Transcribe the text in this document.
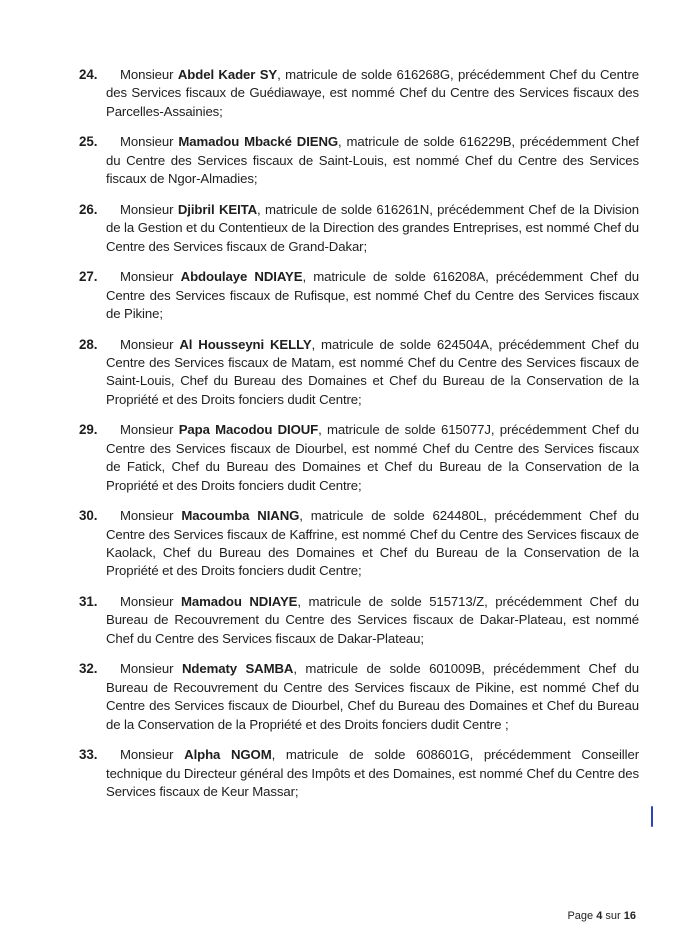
24. Monsieur Abdel Kader SY, matricule de solde 616268G, précédemment Chef du Centre des Services fiscaux de Guédiawaye, est nommé Chef du Centre des Services fiscaux des Parcelles-Assainies;
25. Monsieur Mamadou Mbacké DIENG, matricule de solde 616229B, précédemment Chef du Centre des Services fiscaux de Saint-Louis, est nommé Chef du Centre des Services fiscaux de Ngor-Almadies;
26. Monsieur Djibril KEITA, matricule de solde 616261N, précédemment Chef de la Division de la Gestion et du Contentieux de la Direction des grandes Entreprises, est nommé Chef du Centre des Services fiscaux de Grand-Dakar;
27. Monsieur Abdoulaye NDIAYE, matricule de solde 616208A, précédemment Chef du Centre des Services fiscaux de Rufisque, est nommé Chef du Centre des Services fiscaux de Pikine;
28. Monsieur Al Housseyni KELLY, matricule de solde 624504A, précédemment Chef du Centre des Services fiscaux de Matam, est nommé Chef du Centre des Services fiscaux de Saint-Louis, Chef du Bureau des Domaines et Chef du Bureau de la Conservation de la Propriété et des Droits fonciers dudit Centre;
29. Monsieur Papa Macodou DIOUF, matricule de solde 615077J, précédemment Chef du Centre des Services fiscaux de Diourbel, est nommé Chef du Centre des Services fiscaux de Fatick, Chef du Bureau des Domaines et Chef du Bureau de la Conservation de la Propriété et des Droits fonciers dudit Centre;
30. Monsieur Macoumba NIANG, matricule de solde 624480L, précédemment Chef du Centre des Services fiscaux de Kaffrine, est nommé Chef du Centre des Services fiscaux de Kaolack, Chef du Bureau des Domaines et Chef du Bureau de la Conservation de la Propriété et des Droits fonciers dudit Centre;
31. Monsieur Mamadou NDIAYE, matricule de solde 515713/Z, précédemment Chef du Bureau de Recouvrement du Centre des Services fiscaux de Dakar-Plateau, est nommé Chef du Centre des Services fiscaux de Dakar-Plateau;
32. Monsieur Ndematy SAMBA, matricule de solde 601009B, précédemment Chef du Bureau de Recouvrement du Centre des Services fiscaux de Pikine, est nommé Chef du Centre des Services fiscaux de Diourbel, Chef du Bureau des Domaines et Chef du Bureau de la Conservation de la Propriété et des Droits fonciers dudit Centre ;
33. Monsieur Alpha NGOM, matricule de solde 608601G, précédemment Conseiller technique du Directeur général des Impôts et des Domaines, est nommé Chef du Centre des Services fiscaux de Keur Massar;
Page 4 sur 16
